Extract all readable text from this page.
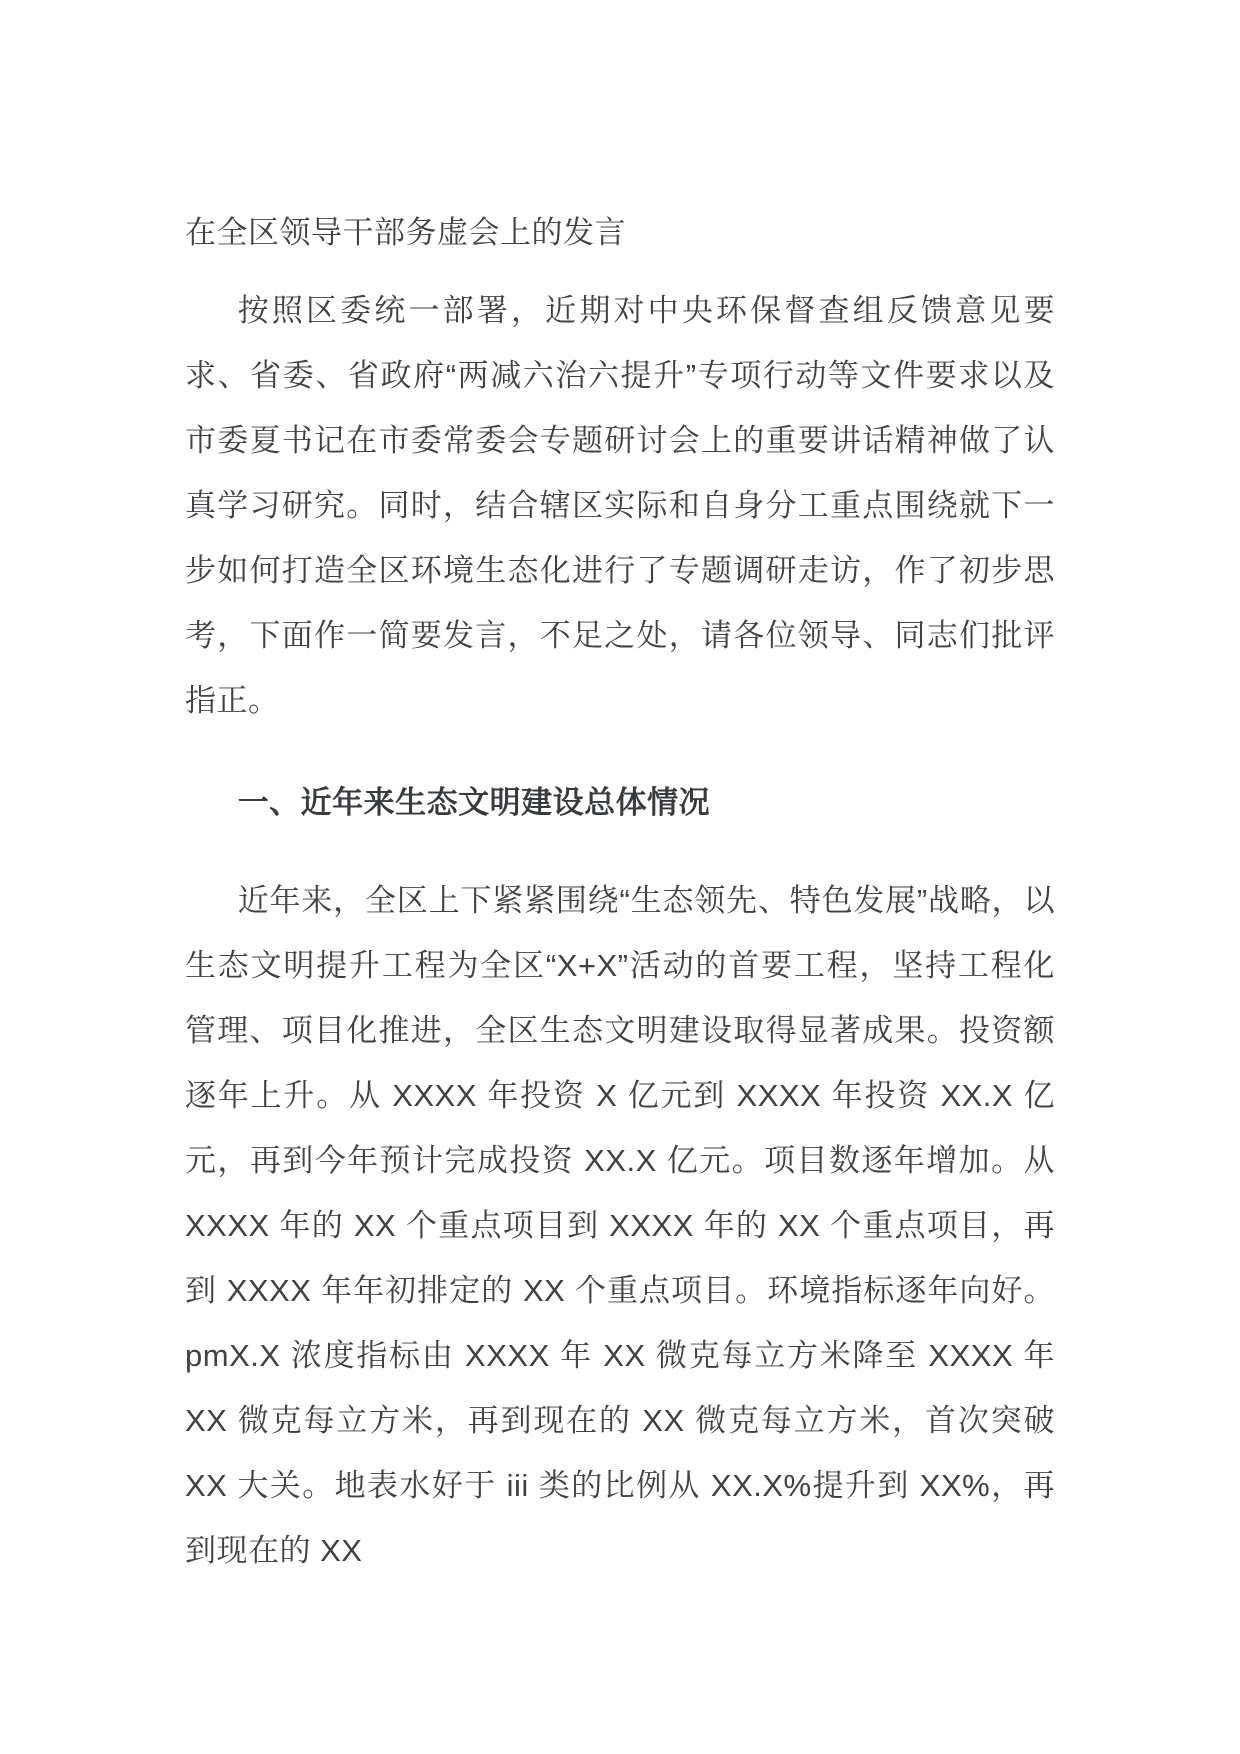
在全区领导干部务虚会上的发言

按照区委统一部署，近期对中央环保督查组反馈意见要求、省委、省政府“两减六治六提升”专项行动等文件要求以及市委夏书记在市委常委会专题研讨会上的重要讲话精神做了认真学习研究。同时，结合辖区实际和自身分工重点围绕就下一步如何打造全区环境生态化进行了专题调研走访，作了初步思考，下面作一简要发言，不足之处，请各位领导、同志们批评指正。

一、近年来生态文明建设总体情况

近年来，全区上下紧紧围绕“生态领先、特色发展”战略，以生态文明提升工程为全区“X+X”活动的首要工程，坚持工程化管理、项目化推进，全区生态文明建设取得显著成果。投资额逐年上升。从 XXXX 年投资 X 亿元到 XXXX 年投资 XX.X 亿元，再到今年预计完成投资 XX.X 亿元。项目数逐年增加。从 XXXX 年的 XX 个重点项目到 XXXX 年的 XX 个重点项目，再到 XXXX 年年初排定的 XX 个重点项目。环境指标逐年向好。pmX.X 浓度指标由 XXXX 年 XX 微克每立方米降至 XXXX 年 XX 微克每立方米，再到现在的 XX 微克每立方米，首次突破 XX 大关。地表水好于 iii 类的比例从 XX.X%提升到 XX%，再到现在的 XX
